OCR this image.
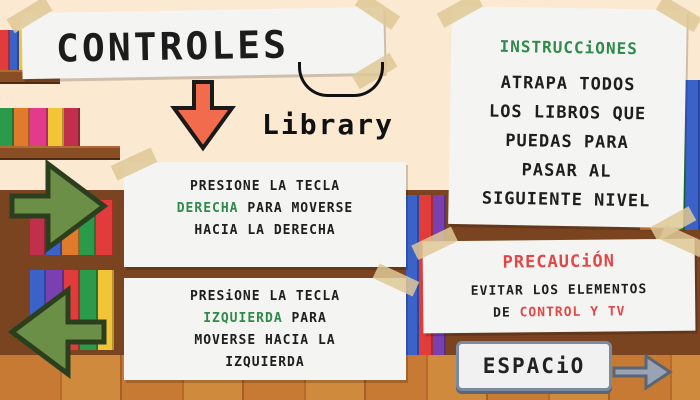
CONTROLES
Library
PRESIONE LA TECLA
DERECHA PARA MOVERSE
HACIA LA DERECHA
PRESiONE LA TECLA
IZQUIERDA PARA
MOVERSE HACIA LA
IZQUIERDA
INSTRUCCiONES
ATRAPA TODOS
LOS LIBROS QUE
PUEDAS PARA
PASAR AL
SIGUIENTE NIVEL
PRECAUCiÓN
EVITAR LOS ELEMENTOS
DE CONTROL Y TV
ESPACiO
